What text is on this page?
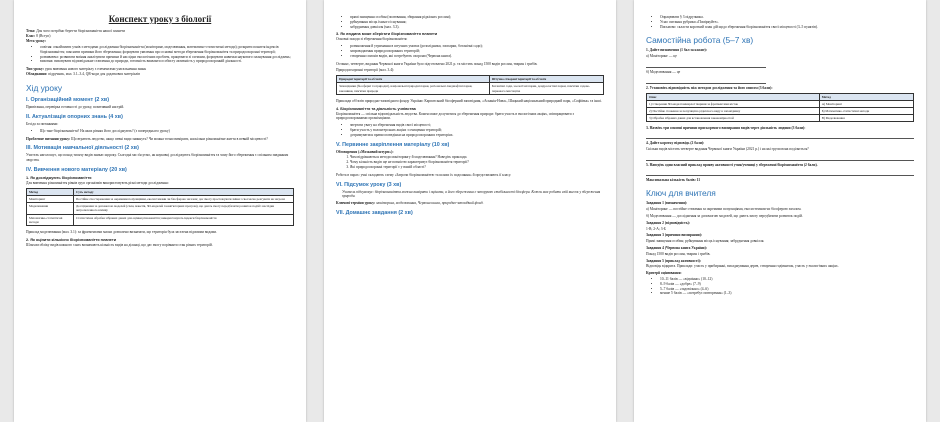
Конспект уроку з біології

Тема: Для чого потрібно берегти біорізноманіття нашої планети

Клас: 8 (Вступ)

Мета уроку:

• освітня: ознайомити учнів з методами дослідження біорізноманіття (моніторинг, моделювання, математико-статистичні методи); розкрити поняття індексів біорізноманіття; пояснити причини його збереження; формувати уявлення про основні методи збереження біорізноманіття та природоохоронні території;
• розвиваюча: розвивати вміння аналізувати причини й наслідки екологічних проблем, працювати зі схемами, формувати навички наукового планування досліджень;
• виховна: виховувати відповідальне ставлення до природи, готовність виявляти особисту активність у природоохоронній діяльності.

Тип уроку: урок вивчення нового матеріалу з елементами узагальнення знань

Обладнання: підручник, мал. 3.1–3.4, QR-коди для додаткових матеріалів

Хід уроку
I. Організаційний момент (2 хв)

Привітання, перевірка готовності до уроку, позитивний настрій.

II. Актуалізація опорних знань (4 хв)

Бесіда за питаннями:

• Що таке біорізноманіття? На яких рівнях його досліджують? (з попереднього уроку)

Проблемне питання уроку: Що втратить людство, якщо певні види зникнуть? Чи можна точно виміряти, наскільки різноманітне життя в певній місцевості?

III. Мотивація навчальної діяльності (2 хв)

Учитель наголошує, що понад тисячу видів зникає щороку. Сьогодні ми з'ясуємо, як науковці досліджують біорізноманіття та чому його збереження є спільним завданням людства.

IV. Вивчення нового матеріалу (20 хв)
1. Як досліджують біорізноманіття

Для вивчення різноманіття рівнів груп організмів використовують різні методи дослідження:

Метод	Суть методу
Моніторинг	Постійне спостереження за окремими популяціями, екосистемами чи біосферою загалом; дає змогу простежувати зміни і своєчасно реагувати на загрози
Моделювання	Дослідження за допомогою моделей (схем, макетів, 3D-моделей і комп'ютерних програм), що дають змогу передбачити розвиток подій і наслідки антропогенного впливу
Математико-статистичні методи	Статистична обробка зібраних даних для оцінки різноманіття; використовують індекси біорізноманіття

Приклад моделювання (мал. 3.1): за фрагментами маски дозволено визначати, що територія була заселена відомими видами.

2. Як оцінити кількісно біорізноманіття планети

Шляхом обліку видів кожного з них визначають кількість видів на ділянці, що дає змогу порівняти стан різних територій.

• прямі знищення особин (полювання, збирання рідкісних рослин);
• руйнування місць їхнього існування;
• забруднення довкілля (мал. 3.3).
3. Як людина може зберігати біорізноманіття планети

Основні заходи зі збереження біорізноманіття:

• розмноження й утримання в штучних умовах (розплідники, зоопарки, ботанічні сади);
• запровадження природоохоронних територій;
• створення списків видів, які потребують охорони (Червона книга).

Останнє, четверте, видання Червоної книги України було підготовлено 2021 р. та містить понад 1500 видів рослин, тварин і грибів.

Природоохоронні території (мал. 3.4):

Природні території та об'єкти	Штучно створені території та об'єкти
Заповідники (біосферні та природні), національні природні парки, регіональні ландшафтні парки, заказники, пам'ятки природи	Ботанічні сади, зоологічні парки, дендрологічні парки, пам'ятки садово-паркового мистецтва

Приклади об'єктів природно-заповідного фонду України: Карпатський біосферний заповідник, «Асканія-Нова», Шацький національний природний парк, «Софіївка» та інші.

4. Біорізноманіття та діяльність учнівства

Біорізноманіття — спільна відповідальність людства. Кожен може долучитися до збереження природи: брати участь в екологічних акціях, співпрацювати з природоохоронними організаціями.

• звертати увагу на збереження видів своєї місцевості;
• брати участь у волонтерських акціях з очищення територій;
• дотримуватися правил поведінки на природоохоронних територіях.
V. Первинне закріплення матеріалу (10 хв)

Обговорення («Мозковий штурм»):

1. Чим відрізняються методи моніторингу й моделювання? Наведіть приклади.
2. Чому кількість видів ще не повністю характеризує біорізноманіття території?
3. Які природоохоронні території є у вашій області?

Робота в парах: учні складають схему «Загрози біорізноманіттю та шляхи їх подолання» й представляють її класу.

VI. Підсумок уроку (3 хв)

Учитель підсумовує: біорізноманіття можна виміряти і оцінити, а його збереження є запорукою стабільності біосфери. Кожен має робити свій внесок у збереження природи.

Ключові терміни уроку: моніторинг, моделювання, Червона книга, природно-заповідний фонд.

VII. Домашнє завдання (2 хв)
• Опрацювати § 3 підручника.
• Усно: питання рубрики «Поміркуйте».
• Письмово: скласти короткий план дій щодо збереження біорізноманіття своєї місцевості (3–5 пунктів).
Самостійна робота (5–7 хв)

1. Дайте визначення (1 бал за кожне):

а) Моніторинг — це

б) Моделювання — це

2. Установіть відповідність між методом дослідження та його описом (3 бали):

Опис	Метод
1) Створення 3D-моделі вимерлої тварини за фрагментами кісток	А) Моніторинг
2) Постійне стеження за популяцією рідкісного виду в заповіднику	Б) Математико-статистичні методи
3) Обробка зібраних даних для встановлення закономірностей	В) Моделювання

3. Назвіть три основні причини прискореного вимирання видів через діяльність людини (3 бали):

4. Дайте коротку відповідь (2 бали):

Скільки видів містить четверте видання Червоної книги України (2021 р.) і на які групи вона поділяється?

5. Наведіть один власний приклад прояву активності учня/учениці у збереженні біорізноманіття (2 бали).

Максимальна кількість балів: 11

Ключ для вчителя

Завдання 1 (визначення):

а) Моніторинг — постійне стеження за окремими популяціями, екосистемами чи біосферою загалом.

б) Моделювання — дослідження за допомогою моделей, що дають змогу передбачити розвиток подій.

Завдання 2 (відповідність):

1-В; 2-А; 3-Б

Завдання 3 (причини вимирання):

Прямі знищення особин; руйнування місць існування; забруднення довкілля.

Завдання 4 (Червона книга України):

Понад 1500 видів рослин, тварин і грибів.

Завдання 5 (приклад активності):

Відповідь відкрита. Приклади: участь у прибиранні, висаджування дерев, створення годівничок, участь у екологічних акціях.

Критерії оцінювання:

• 10–11 балів — «відмінно» (10–12)
• 8–9 балів — «добре» (7–9)
• 5–7 балів — «задовільно» (4–6)
• менше 5 балів — «потребує повторення» (1–3)
